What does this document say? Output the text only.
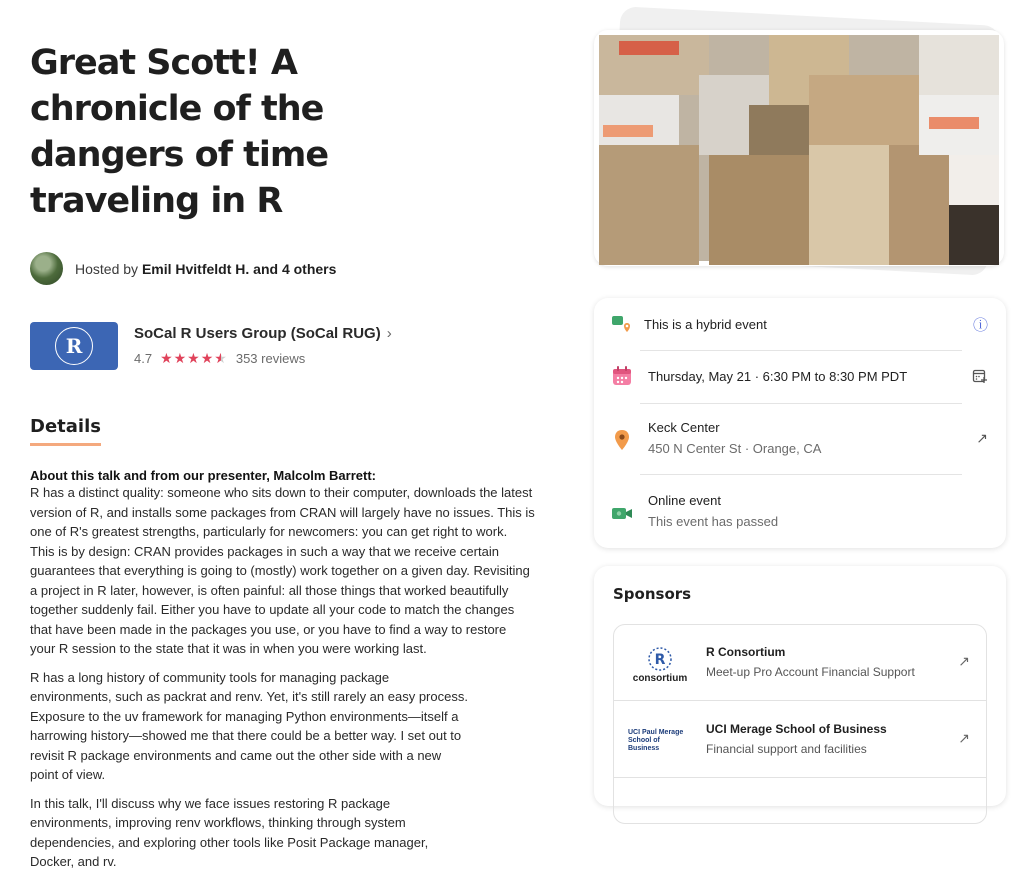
Great Scott! A chronicle of the dangers of time traveling in R
Hosted by Emil Hvitfeldt H. and 4 others
R
SoCal R Users Group (SoCal RUG) ›
4.7 ★★★★★ 353 reviews
Details
About this talk and from our presenter, Malcolm Barrett:

R has a distinct quality: someone who sits down to their computer, downloads the latest version of R, and installs some packages from CRAN will largely have no issues. This is one of R's greatest strengths, particularly for newcomers: you can get right to work. This is by design: CRAN provides packages in such a way that we receive certain guarantees that everything is going to (mostly) work together on a given day. Revisiting a project in R later, however, is often painful: all those things that worked beautifully together suddenly fail. Either you have to update all your code to match the changes that have been made in the packages you use, or you have to find a way to restore your R session to the state that it was in when you were working last.

R has a long history of community tools for managing package environments, such as packrat and renv. Yet, it's still rarely an easy process. Exposure to the uv framework for managing Python environments—itself a harrowing history—showed me that there could be a better way. I set out to revisit R package environments and came out the other side with a new point of view.

In this talk, I'll discuss why we face issues restoring R package environments, improving renv workflows, thinking through system dependencies, and exploring other tools like Posit Package manager, Docker, and rv.

This is a hybrid event	ⓘ
Thursday, May 21 · 6:30 PM to 8:30 PM PDT
Keck Center
450 N Center St · Orange, CA
↗
Online event
This event has passed
Sponsors
R
consortium
R Consortium
Meet-up Pro Account Financial Support
↗
UCI Paul Merage School of Business
UCI Merage School of Business
Financial support and facilities
↗
